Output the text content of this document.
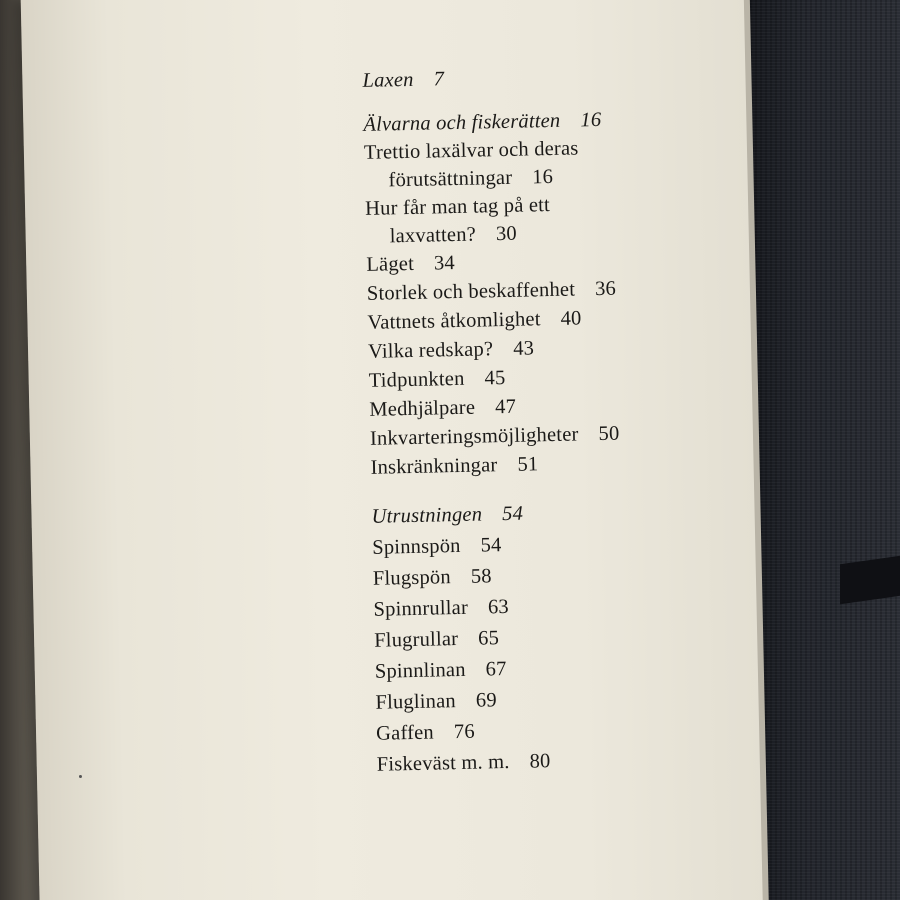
Laxen 7
Älvarna och fiskerätten 16
Trettio laxälvar och deras
förutsättningar 16
Hur får man tag på ett
laxvatten? 30
Läget 34
Storlek och beskaffenhet 36
Vattnets åtkomlighet 40
Vilka redskap? 43
Tidpunkten 45
Medhjälpare 47
Inkvarteringsmöjligheter 50
Inskränkningar 51
Utrustningen 54
Spinnspön 54
Flugspön 58
Spinnrullar 63
Flugrullar 65
Spinnlinan 67
Fluglinan 69
Gaffen 76
Fiskeväst m. m. 80
